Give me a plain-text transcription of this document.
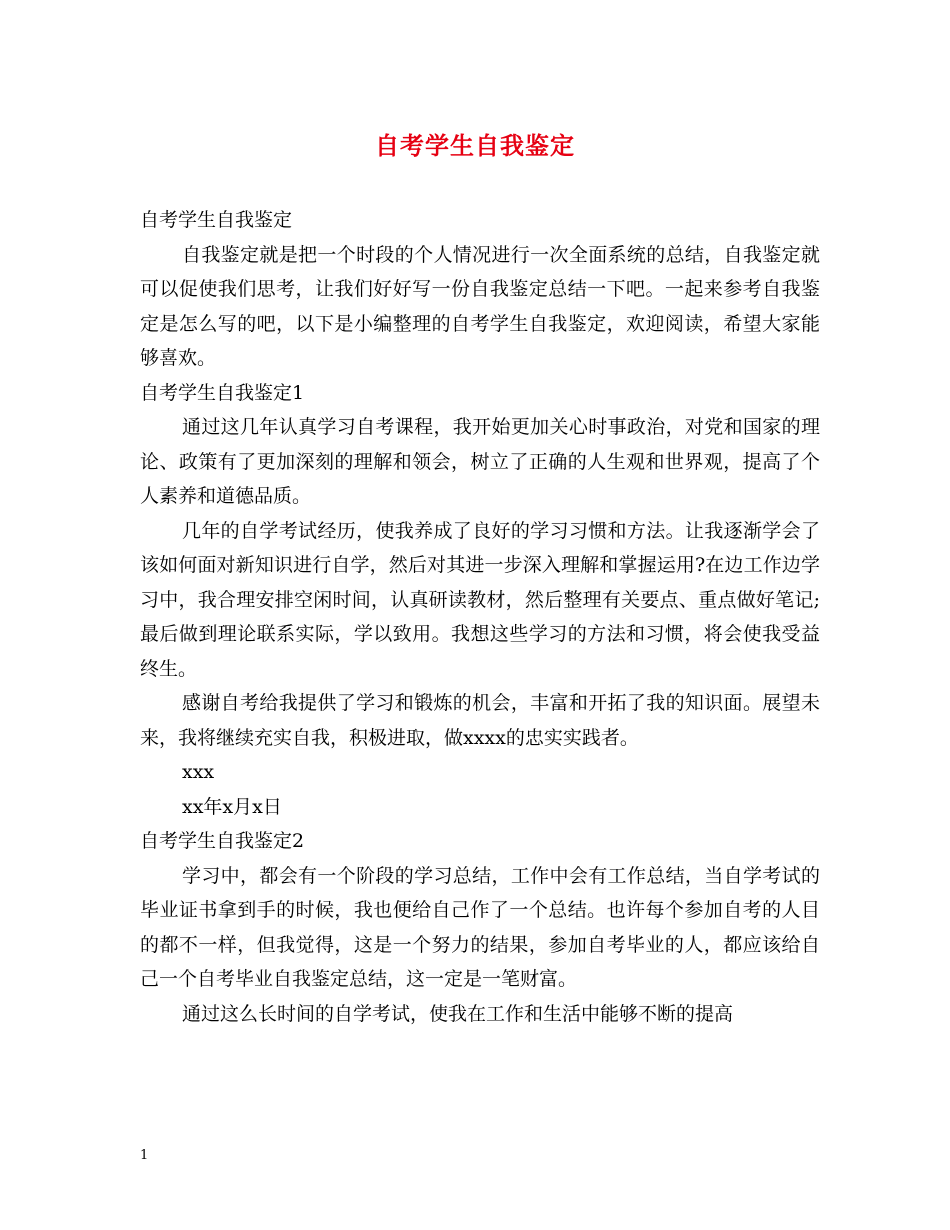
自考学生自我鉴定

自考学生自我鉴定

自我鉴定就是把一个时段的个人情况进行一次全面系统的总结，自我鉴定就可以促使我们思考，让我们好好写一份自我鉴定总结一下吧。一起来参考自我鉴定是怎么写的吧，以下是小编整理的自考学生自我鉴定，欢迎阅读，希望大家能够喜欢。

自考学生自我鉴定1

通过这几年认真学习自考课程，我开始更加关心时事政治，对党和国家的理论、政策有了更加深刻的理解和领会，树立了正确的人生观和世界观，提高了个人素养和道德品质。

几年的自学考试经历，使我养成了良好的学习习惯和方法。让我逐渐学会了该如何面对新知识进行自学，然后对其进一步深入理解和掌握运用?在边工作边学习中，我合理安排空闲时间，认真研读教材，然后整理有关要点、重点做好笔记;最后做到理论联系实际，学以致用。我想这些学习的方法和习惯，将会使我受益终生。

感谢自考给我提供了学习和锻炼的机会，丰富和开拓了我的知识面。展望未来，我将继续充实自我，积极进取，做xxxx的忠实实践者。

xxx

xx年x月x日

自考学生自我鉴定2

学习中，都会有一个阶段的学习总结，工作中会有工作总结，当自学考试的毕业证书拿到手的时候，我也便给自己作了一个总结。也许每个参加自考的人目的都不一样，但我觉得，这是一个努力的结果，参加自考毕业的人，都应该给自己一个自考毕业自我鉴定总结，这一定是一笔财富。

通过这么长时间的自学考试，使我在工作和生活中能够不断的提高

1
